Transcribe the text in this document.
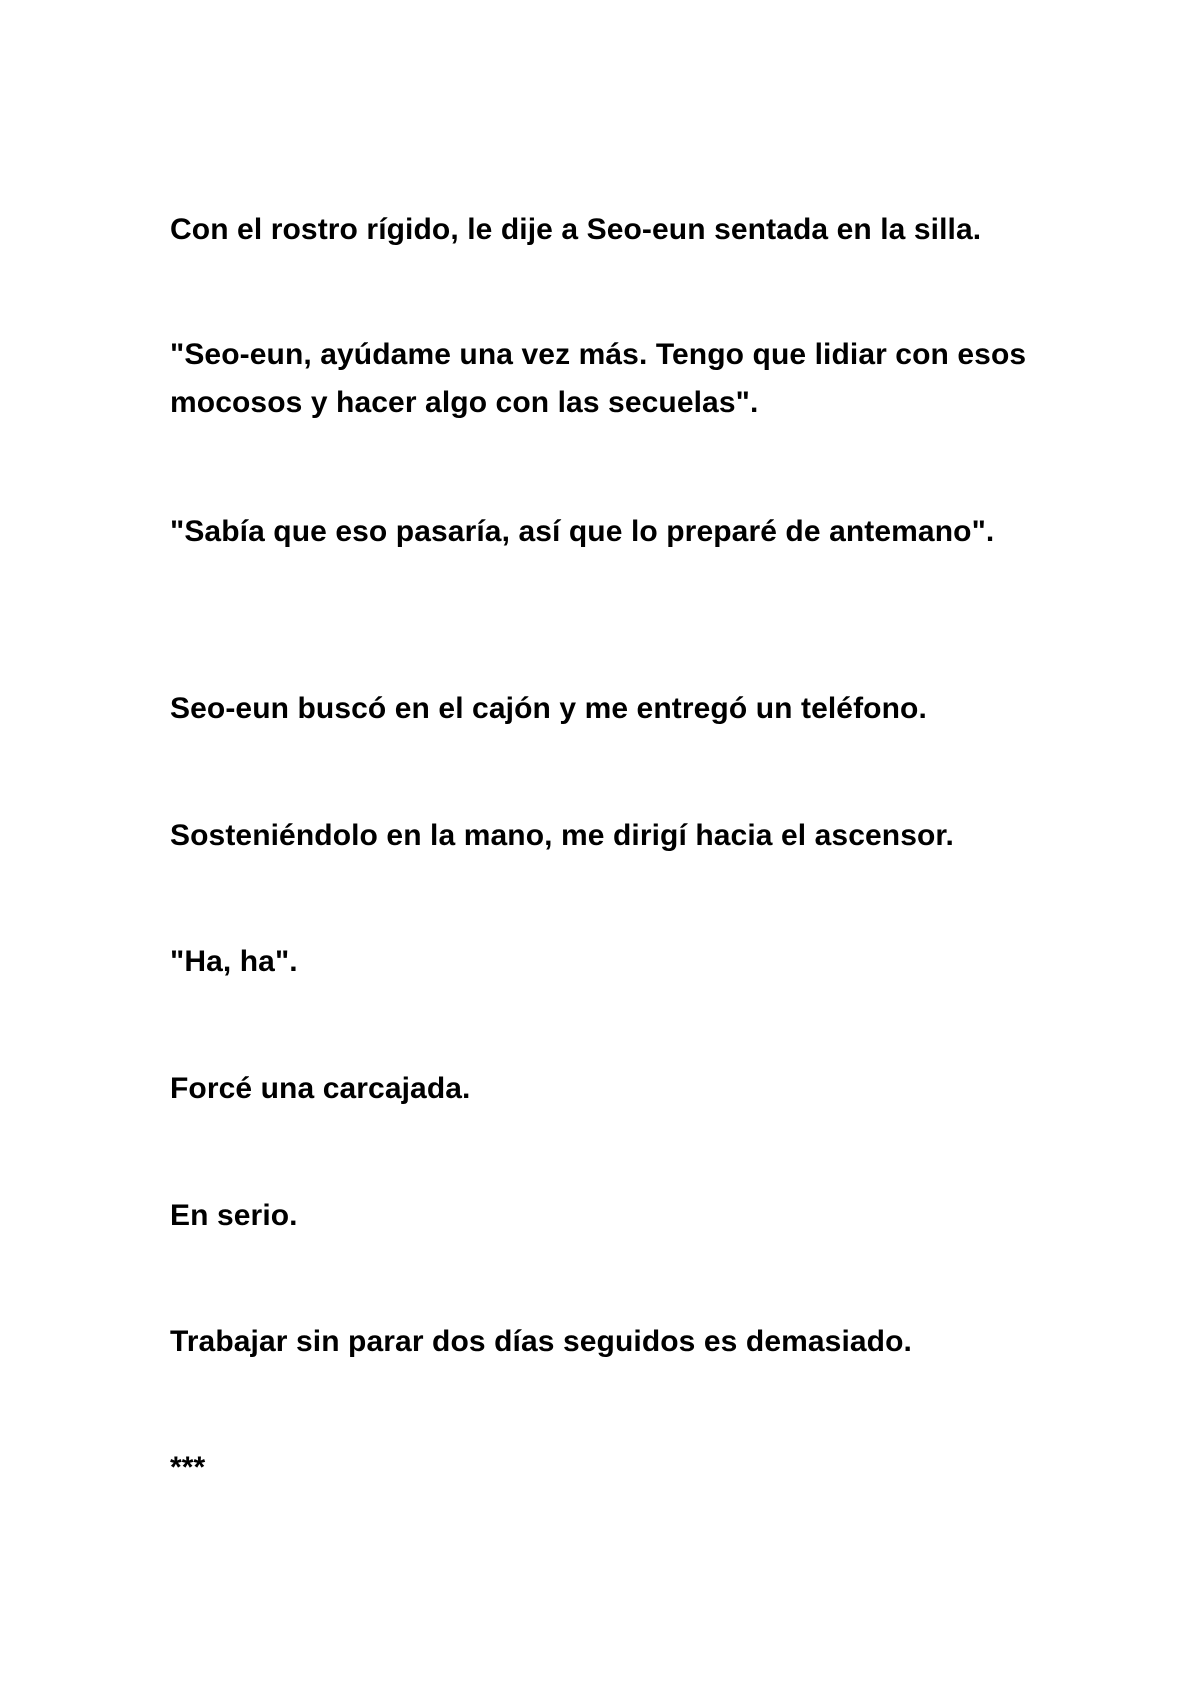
Con el rostro rígido, le dije a Seo-eun sentada en la silla.

"Seo-eun, ayúdame una vez más. Tengo que lidiar con esos mocosos y hacer algo con las secuelas".

"Sabía que eso pasaría, así que lo preparé de antemano".

Seo-eun buscó en el cajón y me entregó un teléfono.

Sosteniéndolo en la mano, me dirigí hacia el ascensor.

"Ha, ha".

Forcé una carcajada.

En serio.

Trabajar sin parar dos días seguidos es demasiado.

***
